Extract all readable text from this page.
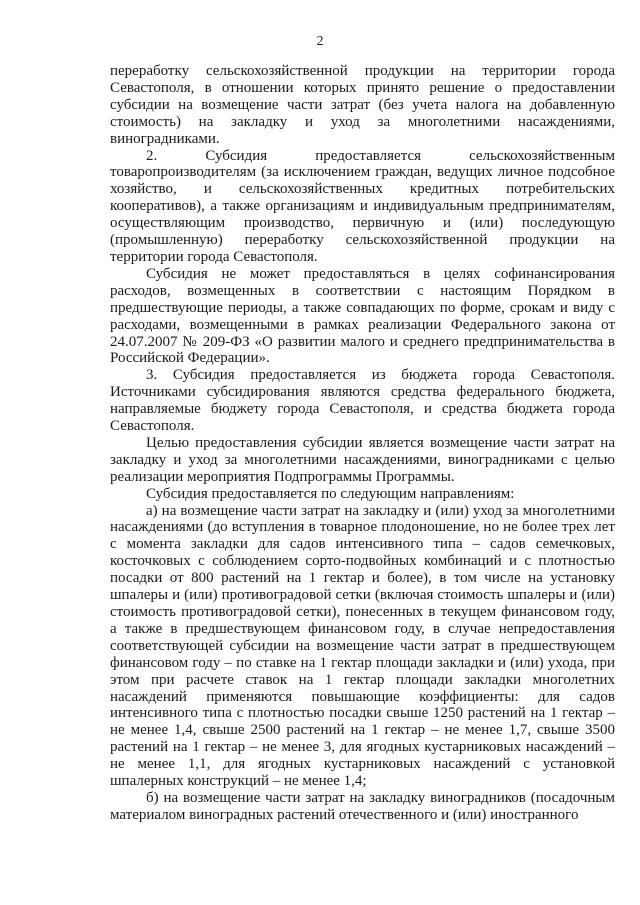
2

переработку сельскохозяйственной продукции на территории города Севастополя, в отношении которых принято решение о предоставлении субсидии на возмещение части затрат (без учета налога на добавленную стоимость) на закладку и уход за многолетними насаждениями, виноградниками.

2. Субсидия предоставляется сельскохозяйственным товаропроизводителям (за исключением граждан, ведущих личное подсобное хозяйство, и сельскохозяйственных кредитных потребительских кооперативов), а также организациям и индивидуальным предпринимателям, осуществляющим производство, первичную и (или) последующую (промышленную) переработку сельскохозяйственной продукции на территории города Севастополя.

Субсидия не может предоставляться в целях софинансирования расходов, возмещенных в соответствии с настоящим Порядком в предшествующие периоды, а также совпадающих по форме, срокам и виду с расходами, возмещенными в рамках реализации Федерального закона от 24.07.2007 № 209-ФЗ «О развитии малого и среднего предпринимательства в Российской Федерации».

3. Субсидия предоставляется из бюджета города Севастополя. Источниками субсидирования являются средства федерального бюджета, направляемые бюджету города Севастополя, и средства бюджета города Севастополя.

Целью предоставления субсидии является возмещение части затрат на закладку и уход за многолетними насаждениями, виноградниками с целью реализации мероприятия Подпрограммы Программы.

Субсидия предоставляется по следующим направлениям:

а) на возмещение части затрат на закладку и (или) уход за многолетними насаждениями (до вступления в товарное плодоношение, но не более трех лет с момента закладки для садов интенсивного типа – садов семечковых, косточковых с соблюдением сорто-подвойных комбинаций и с плотностью посадки от 800 растений на 1 гектар и более), в том числе на установку шпалеры и (или) противоградовой сетки (включая стоимость шпалеры и (или) стоимость противоградовой сетки), понесенных в текущем финансовом году, а также в предшествующем финансовом году, в случае непредоставления соответствующей субсидии на возмещение части затрат в предшествующем финансовом году – по ставке на 1 гектар площади закладки и (или) ухода, при этом при расчете ставок на 1 гектар площади закладки многолетних насаждений применяются повышающие коэффициенты: для садов интенсивного типа с плотностью посадки свыше 1250 растений на 1 гектар – не менее 1,4, свыше 2500 растений на 1 гектар – не менее 1,7, свыше 3500 растений на 1 гектар – не менее 3, для ягодных кустарниковых насаждений – не менее 1,1, для ягодных кустарниковых насаждений с установкой шпалерных конструкций – не менее 1,4;

б) на возмещение части затрат на закладку виноградников (посадочным материалом виноградных растений отечественного и (или) иностранного
